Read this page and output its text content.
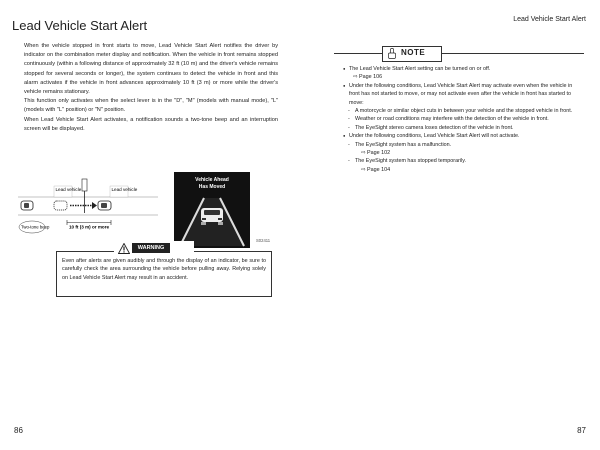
Lead Vehicle Start Alert
Lead Vehicle Start Alert

When the vehicle stopped in front starts to move, Lead Vehicle Start Alert notifies the driver by indicator on the combination meter display and notification. When the vehicle in front remains stopped continuously (within a following distance of approximately 32 ft (10 m) and the driver's vehicle remains stopped for several seconds or longer), the system continues to detect the vehicle in front and this alarm activates if the vehicle in front advances approximately 10 ft (3 m) or more while the driver's vehicle remains stationary.

This function only activates when the select lever is in the "D", "M" (models with manual mode), "L" (models with "L" position) or "N" position.

When Lead Vehicle Start Alert activates, a notification sounds a two-tone beep and an interruption screen will be displayed.

Lead vehicle	Lead vehicle
Two-tone beep	10 ft (3 m) or more
Vehicle Ahead
Has Moved
S02411
WARNING
Even after alerts are given audibly and through the display of an indicator, be sure to carefully check the area surrounding the vehicle before pulling away. Relying solely on Lead Vehicle Start Alert may result in an accident.
NOTE
● The Lead Vehicle Start Alert setting can be turned on or off.
⇨ Page 106
● Under the following conditions, Lead Vehicle Start Alert may activate even when the vehicle in front has not started to move, or may not activate even after the vehicle in front has started to move:
- A motorcycle or similar object cuts in between your vehicle and the stopped vehicle in front.
- Weather or road conditions may interfere with the detection of the vehicle in front.
- The EyeSight stereo camera loses detection of the vehicle in front.
● Under the following conditions, Lead Vehicle Start Alert will not activate.
- The EyeSight system has a malfunction.
⇨ Page 102
- The EyeSight system has stopped temporarily.
⇨ Page 104
86	87
